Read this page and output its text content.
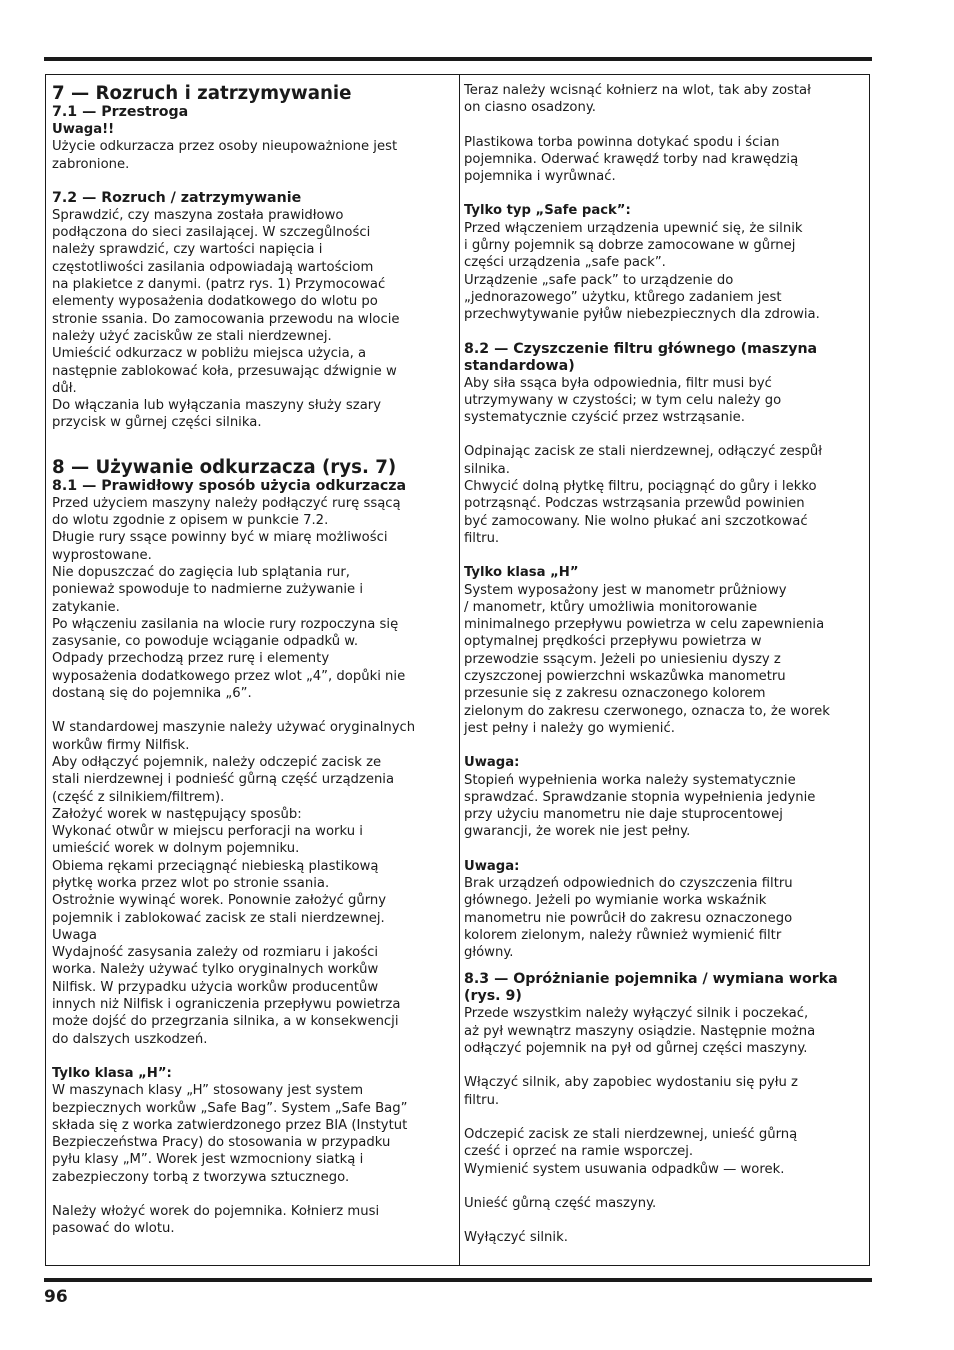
7 — Rozruch i zatrzymywanie

7.1 — Przestroga

Uwaga!!

Użycie odkurzacza przez osoby nieupoważnione jest
zabronione.

7.2 — Rozruch / zatrzymywanie

Sprawdzić, czy maszyna została prawidłowo
podłączona do sieci zasilającej. W szczegůlności
należy sprawdzić, czy wartości napięcia i
częstotliwości zasilania odpowiadają wartościom
na plakietce z danymi. (patrz rys. 1) Przymocować
elementy wyposażenia dodatkowego do wlotu po
stronie ssania. Do zamocowania przewodu na wlocie
należy użyć zaciskůw ze stali nierdzewnej.
Umieścić odkurzacz w pobliżu miejsca użycia, a
następnie zablokować koła, przesuwając dźwignie w
důł.
Do włączania lub wyłączania maszyny służy szary
przycisk w gůrnej części silnika.

8 — Używanie odkurzacza (rys. 7)

8.1 — Prawidłowy sposób użycia odkurzacza

Przed użyciem maszyny należy podłączyć rurę ssącą
do wlotu zgodnie z opisem w punkcie 7.2.
Długie rury ssące powinny być w miarę możliwości
wyprostowane.
Nie dopuszczać do zagięcia lub splątania rur,
ponieważ spowoduje to nadmierne zużywanie i
zatykanie.
Po włączeniu zasilania na wlocie rury rozpoczyna się
zasysanie, co powoduje wciąganie odpadků w.
Odpady przechodzą przez rurę i elementy
wyposażenia dodatkowego przez wlot „4”, dopůki nie
dostaną się do pojemnika „6”.

W standardowej maszynie należy używać oryginalnych
workůw firmy Nilfisk.
Aby odłączyć pojemnik, należy odczepić zacisk ze
stali nierdzewnej i podnieść gůrną część urządzenia
(część z silnikiem/filtrem).
Założyć worek w następujący sposůb:
Wykonać otwůr w miejscu perforacji na worku i
umieścić worek w dolnym pojemniku.
Obiema rękami przeciągnąć niebieską plastikową
płytkę worka przez wlot po stronie ssania.
Ostrożnie wywinąć worek. Ponownie założyć gůrny
pojemnik i zablokować zacisk ze stali nierdzewnej.
Uwaga
Wydajność zasysania zależy od rozmiaru i jakości
worka. Należy używać tylko oryginalnych workůw
Nilfisk. W przypadku użycia workůw producentůw
innych niż Nilfisk i ograniczenia przepływu powietrza
może dojść do przegrzania silnika, a w konsekwencji
do dalszych uszkodzeń.

Tylko klasa „H”:

W maszynach klasy „H” stosowany jest system
bezpiecznych workůw „Safe Bag”. System „Safe Bag”
składa się z worka zatwierdzonego przez BIA (Instytut
Bezpieczeństwa Pracy) do stosowania w przypadku
pyłu klasy „M”. Worek jest wzmocniony siatką i
zabezpieczony torbą z tworzywa sztucznego.

Należy włożyć worek do pojemnika. Kołnierz musi
pasować do wlotu.

Teraz należy wcisnąć kołnierz na wlot, tak aby został
on ciasno osadzony.

Plastikowa torba powinna dotykać spodu i ścian
pojemnika. Oderwać krawędź torby nad krawędzią
pojemnika i wyrůwnać.

Tylko typ „Safe pack”:

Przed włączeniem urządzenia upewnić się, że silnik
i gůrny pojemnik są dobrze zamocowane w gůrnej
części urządzenia „safe pack”.
Urządzenie „safe pack” to urządzenie do
„jednorazowego” użytku, ktůrego zadaniem jest
przechwytywanie pyłůw niebezpiecznych dla zdrowia.

8.2 — Czyszczenie filtru głównego (maszyna
standardowa)

Aby siła ssąca była odpowiednia, filtr musi być
utrzymywany w czystości; w tym celu należy go
systematycznie czyścić przez wstrząsanie.

Odpinając zacisk ze stali nierdzewnej, odłączyć zespůł
silnika.
Chwycić dolną płytkę filtru, pociągnąć do gůry i lekko
potrząsnąć. Podczas wstrząsania przewůd powinien
być zamocowany. Nie wolno płukać ani szczotkować
filtru.

Tylko klasa „H”

System wyposażony jest w manometr průżniowy
/ manometr, ktůry umożliwia monitorowanie
minimalnego przepływu powietrza w celu zapewnienia
optymalnej prędkości przepływu powietrza w
przewodzie ssącym. Jeżeli po uniesieniu dyszy z
czyszczonej powierzchni wskazůwka manometru
przesunie się z zakresu oznaczonego kolorem
zielonym do zakresu czerwonego, oznacza to, że worek
jest pełny i należy go wymienić.

Uwaga:

Stopień wypełnienia worka należy systematycznie
sprawdzać. Sprawdzanie stopnia wypełnienia jedynie
przy użyciu manometru nie daje stuprocentowej
gwarancji, że worek nie jest pełny.

Uwaga:

Brak urządzeń odpowiednich do czyszczenia filtru
głównego. Jeżeli po wymianie worka wskaźnik
manometru nie powrůcił do zakresu oznaczonego
kolorem zielonym, należy růwnież wymienić filtr
główny.

8.3 — Opróżnianie pojemnika / wymiana worka
(rys. 9)

Przede wszystkim należy wyłączyć silnik i poczekać,
aż pył wewnątrz maszyny osiądzie. Następnie można
odłączyć pojemnik na pył od gůrnej części maszyny.

Włączyć silnik, aby zapobiec wydostaniu się pyłu z
filtru.

Odczepić zacisk ze stali nierdzewnej, unieść gůrną
cześć i oprzeć na ramie wsporczej.
Wymienić system usuwania odpadkůw — worek.

Unieść gůrną część maszyny.

Wyłączyć silnik.

96
